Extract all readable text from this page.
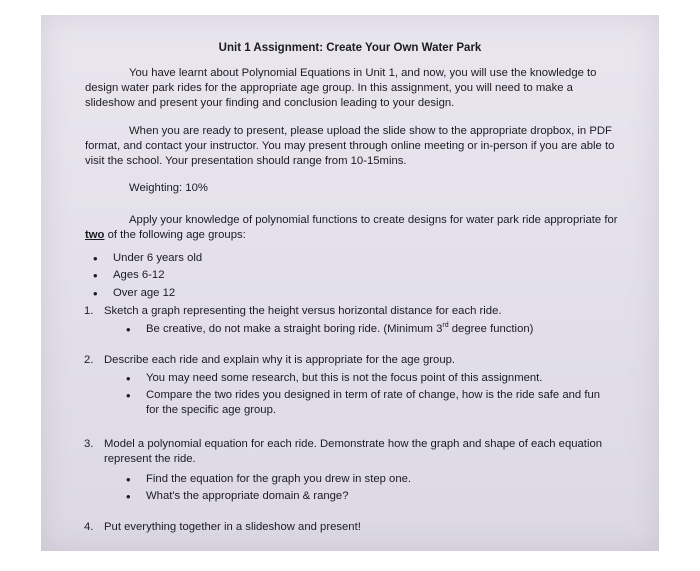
Unit 1 Assignment: Create Your Own Water Park

You have learnt about Polynomial Equations in Unit 1, and now, you will use the knowledge to design water park rides for the appropriate age group. In this assignment, you will need to make a slideshow and present your finding and conclusion leading to your design.

When you are ready to present, please upload the slide show to the appropriate dropbox, in PDF format, and contact your instructor. You may present through online meeting or in-person if you are able to visit the school. Your presentation should range from 10-15mins.

Weighting: 10%

Apply your knowledge of polynomial functions to create designs for water park ride appropriate for two of the following age groups:

• Under 6 years old
• Ages 6-12
• Over age 12
1. Sketch a graph representing the height versus horizontal distance for each ride.
• Be creative, do not make a straight boring ride. (Minimum 3rd degree function)
2. Describe each ride and explain why it is appropriate for the age group.
• You may need some research, but this is not the focus point of this assignment.
• Compare the two rides you designed in term of rate of change, how is the ride safe and fun for the specific age group.
3. Model a polynomial equation for each ride. Demonstrate how the graph and shape of each equation represent the ride.
• Find the equation for the graph you drew in step one.
• What's the appropriate domain & range?
4. Put everything together in a slideshow and present!
